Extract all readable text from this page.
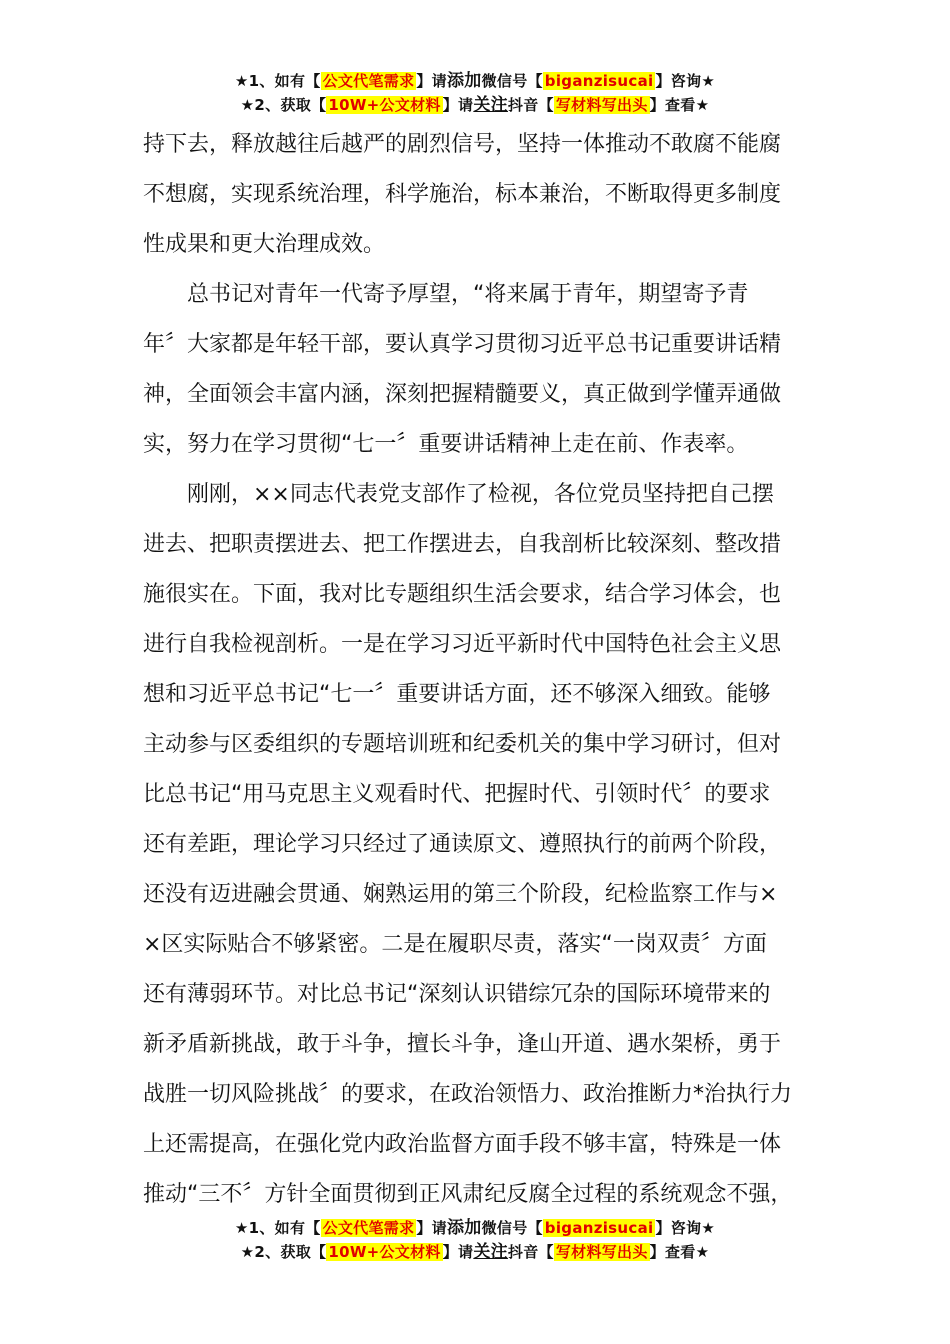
★1、如有【 公文代笔需求 】请添加微信号【 biganzisucai 】咨询★
★2、获取【 10W+公文材料 】请关注抖音【 写材料写出头 】查看★
持下去，释放越往后越严的剧烈信号，坚持一体推动不敢腐不能腐
不想腐，实现系统治理，科学施治，标本兼治，不断取得更多制度
性成果和更大治理成效。
　　总书记对青年一代寄予厚望，“将来属于青年，期望寄予青
年〞大家都是年轻干部，要认真学习贯彻习近平总书记重要讲话精
神，全面领会丰富内涵，深刻把握精髓要义，真正做到学懂弄通做
实，努力在学习贯彻“七一〞重要讲话精神上走在前、作表率。
　　刚刚，××同志代表党支部作了检视，各位党员坚持把自己摆
进去、把职责摆进去、把工作摆进去，自我剖析比较深刻、整改措
施很实在。下面，我对比专题组织生活会要求，结合学习体会，也
进行自我检视剖析。一是在学习习近平新时代中国特色社会主义思
想和习近平总书记“七一〞重要讲话方面，还不够深入细致。能够
主动参与区委组织的专题培训班和纪委机关的集中学习研讨，但对
比总书记“用马克思主义观看时代、把握时代、引领时代〞的要求
还有差距，理论学习只经过了通读原文、遵照执行的前两个阶段，
还没有迈进融会贯通、娴熟运用的第三个阶段，纪检监察工作与×
×区实际贴合不够紧密。二是在履职尽责，落实“一岗双责〞方面
还有薄弱环节。对比总书记“深刻认识错综冗杂的国际环境带来的
新矛盾新挑战，敢于斗争，擅长斗争，逢山开道、遇水架桥，勇于
战胜一切风险挑战〞的要求，在政治领悟力、政治推断力*治执行力
上还需提高，在强化党内政治监督方面手段不够丰富，特殊是一体
推动“三不〞方针全面贯彻到正风肃纪反腐全过程的系统观念不强，
★1、如有【 公文代笔需求 】请添加微信号【 biganzisucai 】咨询★
★2、获取【 10W+公文材料 】请关注抖音【 写材料写出头 】查看★
